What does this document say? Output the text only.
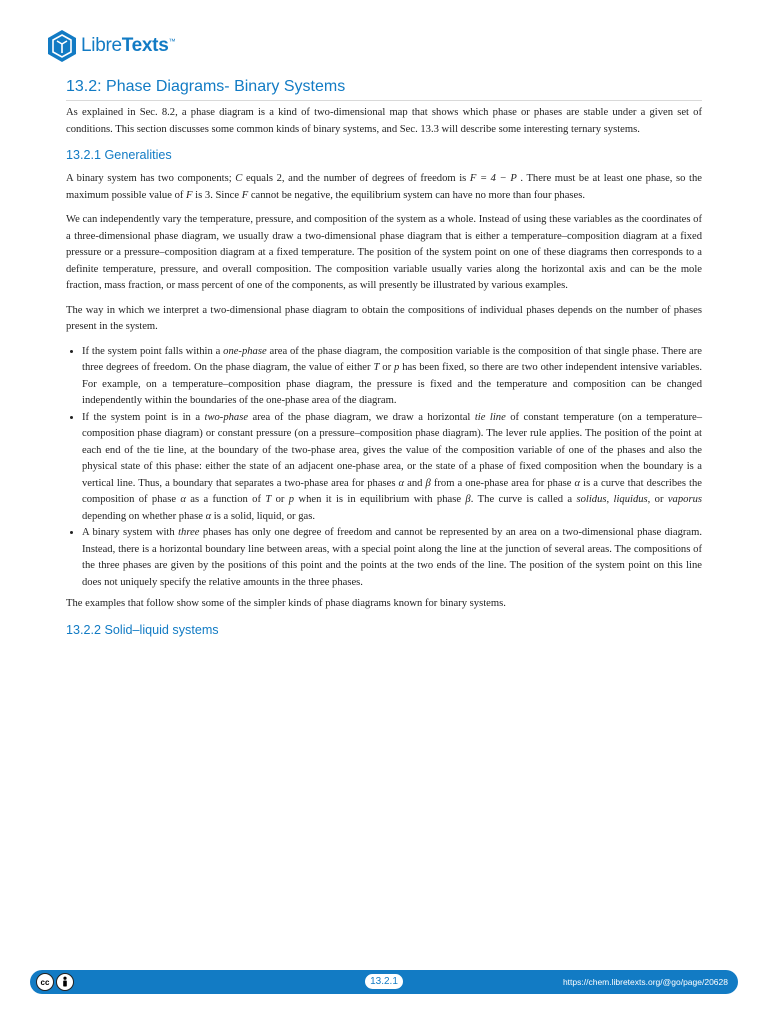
LibreTexts™
13.2: Phase Diagrams- Binary Systems

As explained in Sec. 8.2, a phase diagram is a kind of two-dimensional map that shows which phase or phases are stable under a given set of conditions. This section discusses some common kinds of binary systems, and Sec. 13.3 will describe some interesting ternary systems.

13.2.1 Generalities

A binary system has two components; C equals 2, and the number of degrees of freedom is F = 4 − P . There must be at least one phase, so the maximum possible value of F is 3. Since F cannot be negative, the equilibrium system can have no more than four phases.

We can independently vary the temperature, pressure, and composition of the system as a whole. Instead of using these variables as the coordinates of a three-dimensional phase diagram, we usually draw a two-dimensional phase diagram that is either a temperature–composition diagram at a fixed pressure or a pressure–composition diagram at a fixed temperature. The position of the system point on one of these diagrams then corresponds to a definite temperature, pressure, and overall composition. The composition variable usually varies along the horizontal axis and can be the mole fraction, mass fraction, or mass percent of one of the components, as will presently be illustrated by various examples.

The way in which we interpret a two-dimensional phase diagram to obtain the compositions of individual phases depends on the number of phases present in the system.

• If the system point falls within a one-phase area of the phase diagram, the composition variable is the composition of that single phase. There are three degrees of freedom. On the phase diagram, the value of either T or p has been fixed, so there are two other independent intensive variables. For example, on a temperature–composition phase diagram, the pressure is fixed and the temperature and composition can be changed independently within the boundaries of the one-phase area of the diagram.
• If the system point is in a two-phase area of the phase diagram, we draw a horizontal tie line of constant temperature (on a temperature–composition phase diagram) or constant pressure (on a pressure–composition phase diagram). The lever rule applies. The position of the point at each end of the tie line, at the boundary of the two-phase area, gives the value of the composition variable of one of the phases and also the physical state of this phase: either the state of an adjacent one-phase area, or the state of a phase of fixed composition when the boundary is a vertical line. Thus, a boundary that separates a two-phase area for phases α and β from a one-phase area for phase α is a curve that describes the composition of phase α as a function of T or p when it is in equilibrium with phase β. The curve is called a solidus, liquidus, or vaporus depending on whether phase α is a solid, liquid, or gas.
• A binary system with three phases has only one degree of freedom and cannot be represented by an area on a two-dimensional phase diagram. Instead, there is a horizontal boundary line between areas, with a special point along the line at the junction of several areas. The compositions of the three phases are given by the positions of this point and the points at the two ends of the line. The position of the system point on this line does not uniquely specify the relative amounts in the three phases.

The examples that follow show some of the simpler kinds of phase diagrams known for binary systems.

13.2.2 Solid–liquid systems
cc	13.2.1	https://chem.libretexts.org/@go/page/20628
